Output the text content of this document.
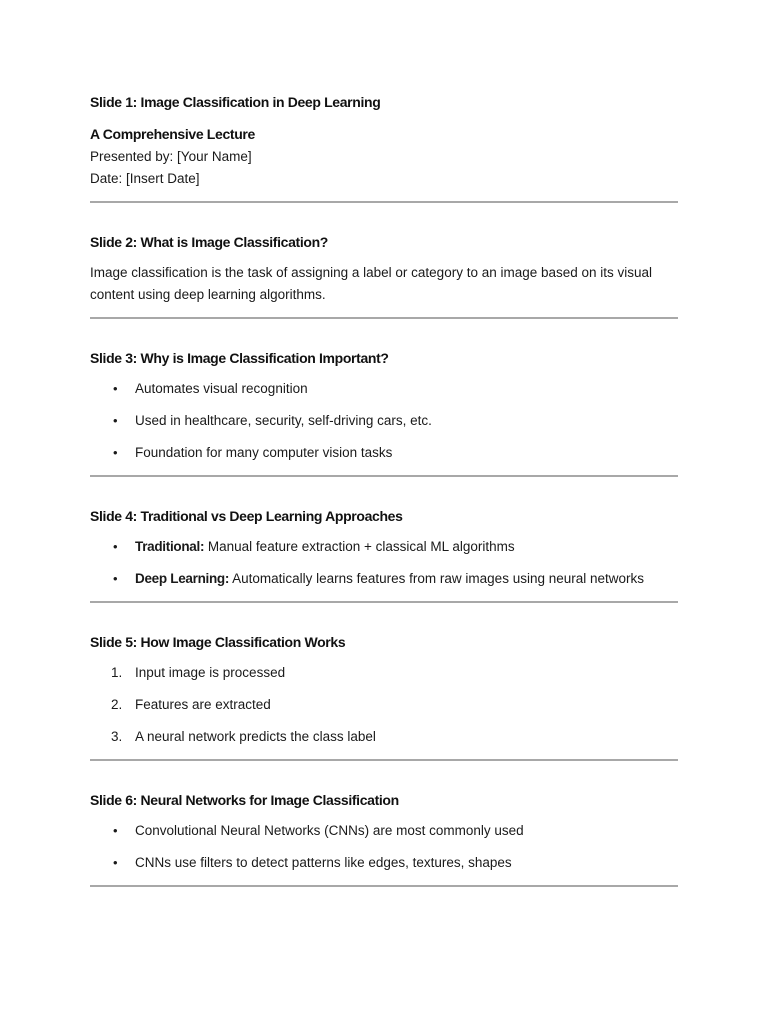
Slide 1: Image Classification in Deep Learning

A Comprehensive Lecture

Presented by: [Your Name]

Date: [Insert Date]

Slide 2: What is Image Classification?

Image classification is the task of assigning a label or category to an image based on its visual content using deep learning algorithms.

Slide 3: Why is Image Classification Important?

• Automates visual recognition
• Used in healthcare, security, self-driving cars, etc.
• Foundation for many computer vision tasks

Slide 4: Traditional vs Deep Learning Approaches

• Traditional: Manual feature extraction + classical ML algorithms
• Deep Learning: Automatically learns features from raw images using neural networks

Slide 5: How Image Classification Works

1. Input image is processed
2. Features are extracted
3. A neural network predicts the class label

Slide 6: Neural Networks for Image Classification

• Convolutional Neural Networks (CNNs) are most commonly used
• CNNs use filters to detect patterns like edges, textures, shapes
